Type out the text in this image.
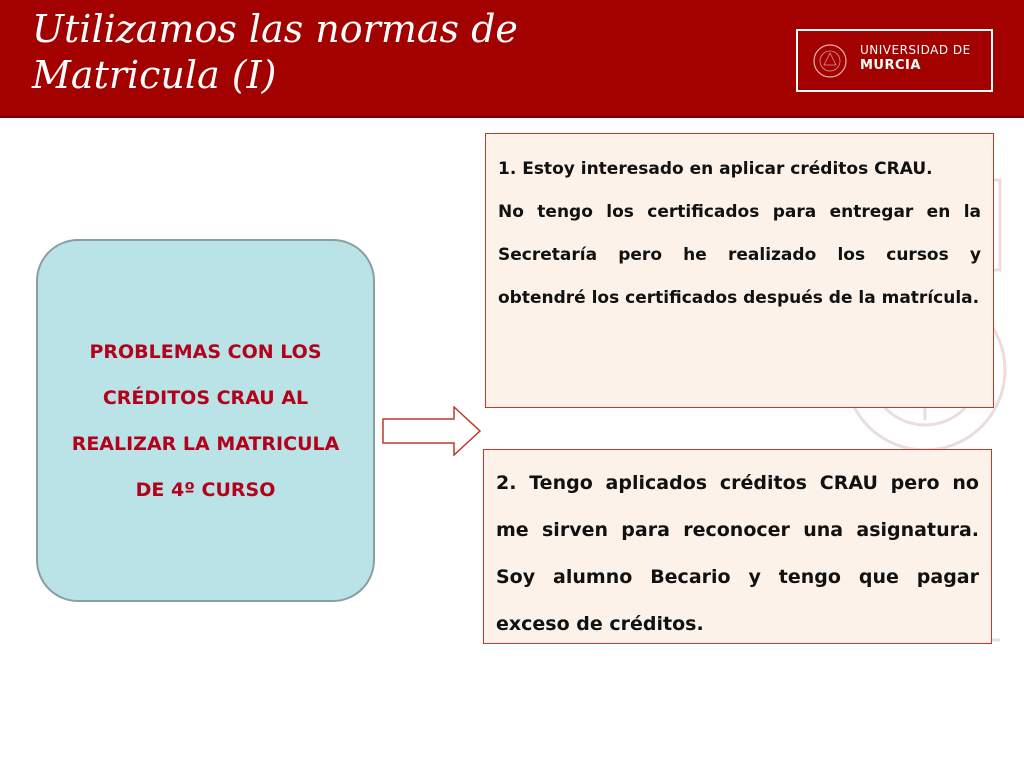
Utilizamos las normas de
Matricula (I)
UNIVERSIDAD DE
MURCIA
PROBLEMAS CON LOS CRÉDITOS CRAU AL REALIZAR LA MATRICULA DE 4º CURSO

1. Estoy interesado en aplicar créditos CRAU.

No tengo los certificados para entregar en la Secretaría pero he realizado los cursos y obtendré los certificados después de la matrícula.

2. Tengo aplicados créditos CRAU pero no me sirven para reconocer una asignatura. Soy alumno Becario y tengo que pagar exceso de créditos.
